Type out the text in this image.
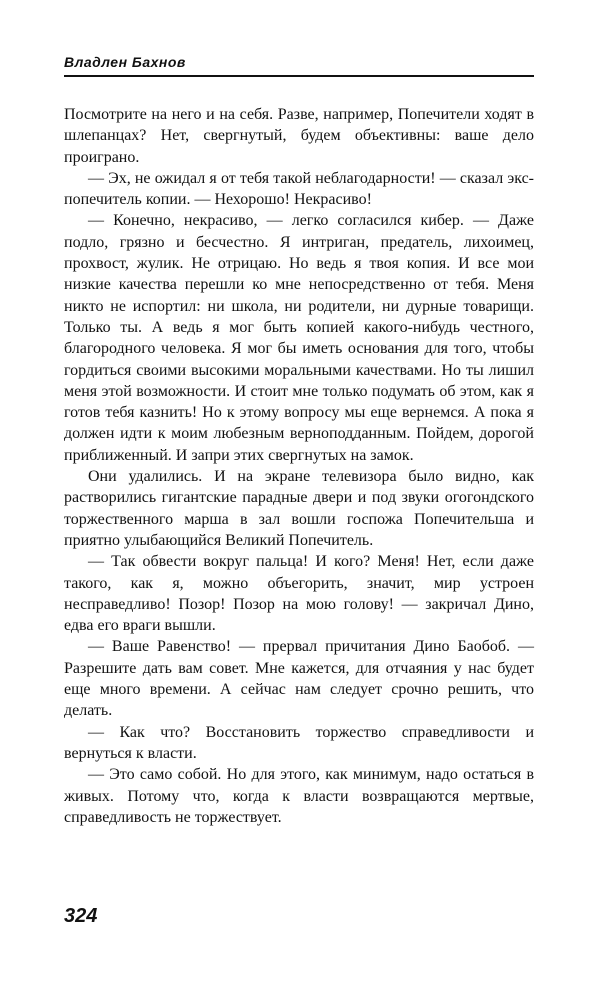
Владлен Бахнов

Посмотрите на него и на себя. Разве, например, Попечители ходят в шлепанцах? Нет, свергнутый, будем объективны: ваше дело проиграно.

— Эх, не ожидал я от тебя такой неблагодарности! — сказал экс-попечитель копии. — Нехорошо! Некрасиво!

— Конечно, некрасиво, — легко согласился кибер. — Даже подло, грязно и бесчестно. Я интриган, предатель, лихоимец, прохвост, жулик. Не отрицаю. Но ведь я твоя копия. И все мои низкие качества перешли ко мне непосредственно от тебя. Меня никто не испортил: ни школа, ни родители, ни дурные товарищи. Только ты. А ведь я мог быть копией какого-нибудь честного, благородного человека. Я мог бы иметь основания для того, чтобы гордиться своими высокими моральными качествами. Но ты лишил меня этой возможности. И стоит мне только подумать об этом, как я готов тебя казнить! Но к этому вопросу мы еще вернемся. А пока я должен идти к моим любезным верноподданным. Пойдем, дорогой приближенный. И запри этих свергнутых на замок.

Они удалились. И на экране телевизора было видно, как растворились гигантские парадные двери и под звуки огогондского торжественного марша в зал вошли госпожа Попечительша и приятно улыбающийся Великий Попечитель.

— Так обвести вокруг пальца! И кого? Меня! Нет, если даже такого, как я, можно объегорить, значит, мир устроен несправедливо! Позор! Позор на мою голову! — закричал Дино, едва его враги вышли.

— Ваше Равенство! — прервал причитания Дино Баобоб. — Разрешите дать вам совет. Мне кажется, для отчаяния у нас будет еще много времени. А сейчас нам следует срочно решить, что делать.

— Как что? Восстановить торжество справедливости и вернуться к власти.

— Это само собой. Но для этого, как минимум, надо остаться в живых. Потому что, когда к власти возвращаются мертвые, справедливость не торжествует.

324
